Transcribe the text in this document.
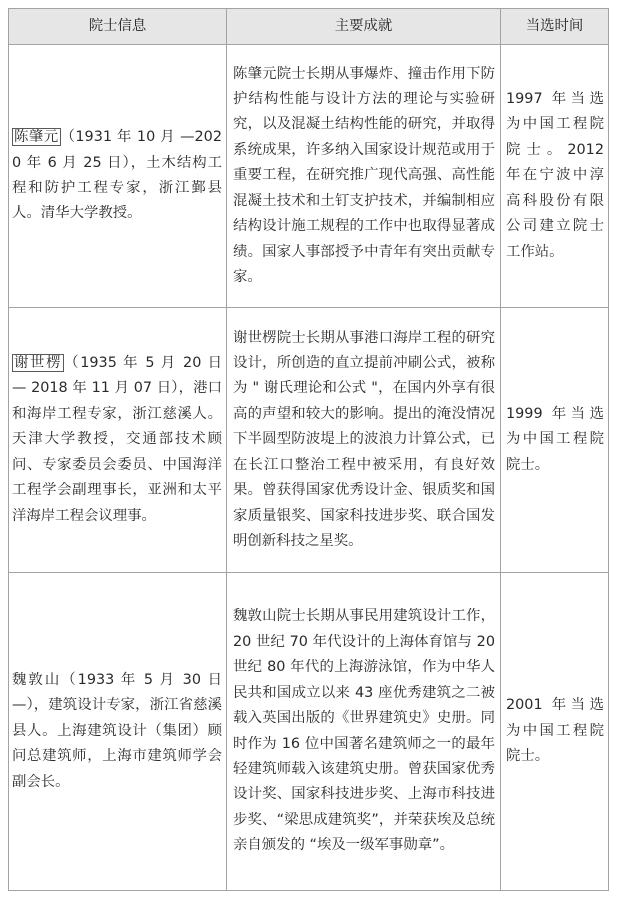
院士信息	主要成就	当选时间
陈肇元 （1931 年 10 月 —2020 年 6 月 25 日），土木结构工程和防护工程专家，浙江鄞县人。清华大学教授。	陈肇元院士长期从事爆炸、撞击作用下防护结构性能与设计方法的理论与实验研究，以及混凝土结构性能的研究，并取得系统成果，许多纳入国家设计规范或用于重要工程，在研究推广现代高强、高性能混凝土技术和土钉支护技术，并编制相应结构设计施工规程的工作中也取得显著成绩。国家人事部授予中青年有突出贡献专家。	1997 年当选为中国工程院院士。2012 年在宁波中淳高科股份有限公司建立院士工作站。
谢世楞 （1935 年 5 月 20 日 — 2018 年 11 月 07 日），港口和海岸工程专家，浙江慈溪人。天津大学教授，交通部技术顾问、专家委员会委员、中国海洋工程学会副理事长，亚洲和太平洋海岸工程会议理事。	谢世楞院士长期从事港口海岸工程的研究设计，所创造的直立提前冲刷公式，被称为 " 谢氏理论和公式 "，在国内外享有很高的声望和较大的影响。提出的淹没情况下半圆型防波堤上的波浪力计算公式，已在长江口整治工程中被采用，有良好效果。曾获得国家优秀设计金、银质奖和国家质量银奖、国家科技进步奖、联合国发明创新科技之星奖。	1999 年当选为中国工程院院士。
魏敦山（1933 年 5 月 30 日—），建筑设计专家，浙江省慈溪县人。上海建筑设计（集团）顾问总建筑师，上海市建筑师学会副会长。	魏敦山院士长期从事民用建筑设计工作，20 世纪 70 年代设计的上海体育馆与 20 世纪 80 年代的上海游泳馆，作为中华人民共和国成立以来 43 座优秀建筑之二被载入英国出版的《世界建筑史》史册。同时作为 16 位中国著名建筑师之一的最年轻建筑师载入该建筑史册。曾获国家优秀设计奖、国家科技进步奖、上海市科技进步奖、“梁思成建筑奖”，并荣获埃及总统亲自颁发的 “埃及一级军事勋章”。	2001 年当选为中国工程院院士。
